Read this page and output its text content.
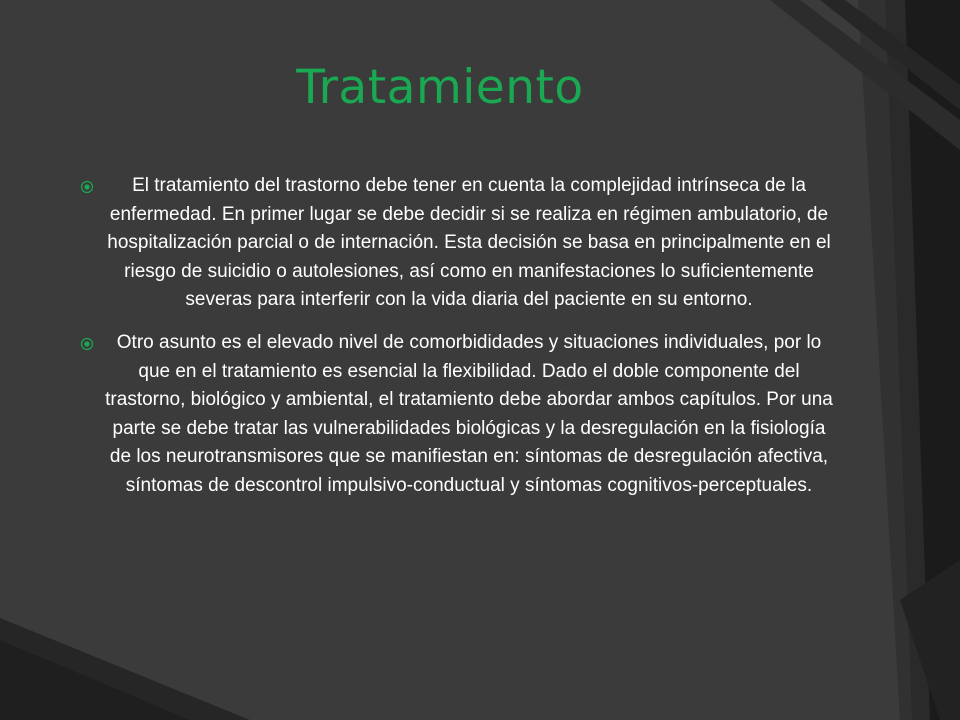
Tratamiento
El tratamiento del trastorno debe tener en cuenta la complejidad intrínseca de la enfermedad. En primer lugar se debe decidir si se realiza en régimen ambulatorio, de hospitalización parcial o de internación. Esta decisión se basa en principalmente en el riesgo de suicidio o autolesiones, así como en manifestaciones lo suficientemente severas para interferir con la vida diaria del paciente en su entorno.
Otro asunto es el elevado nivel de comorbididades y situaciones individuales, por lo que en el tratamiento es esencial la flexibilidad. Dado el doble componente del trastorno, biológico y ambiental, el tratamiento debe abordar ambos capítulos. Por una parte se debe tratar las vulnerabilidades biológicas y la desregulación en la fisiología de los neurotransmisores que se manifiestan en: síntomas de desregulación afectiva, síntomas de descontrol impulsivo-conductual y síntomas cognitivos-perceptuales.
